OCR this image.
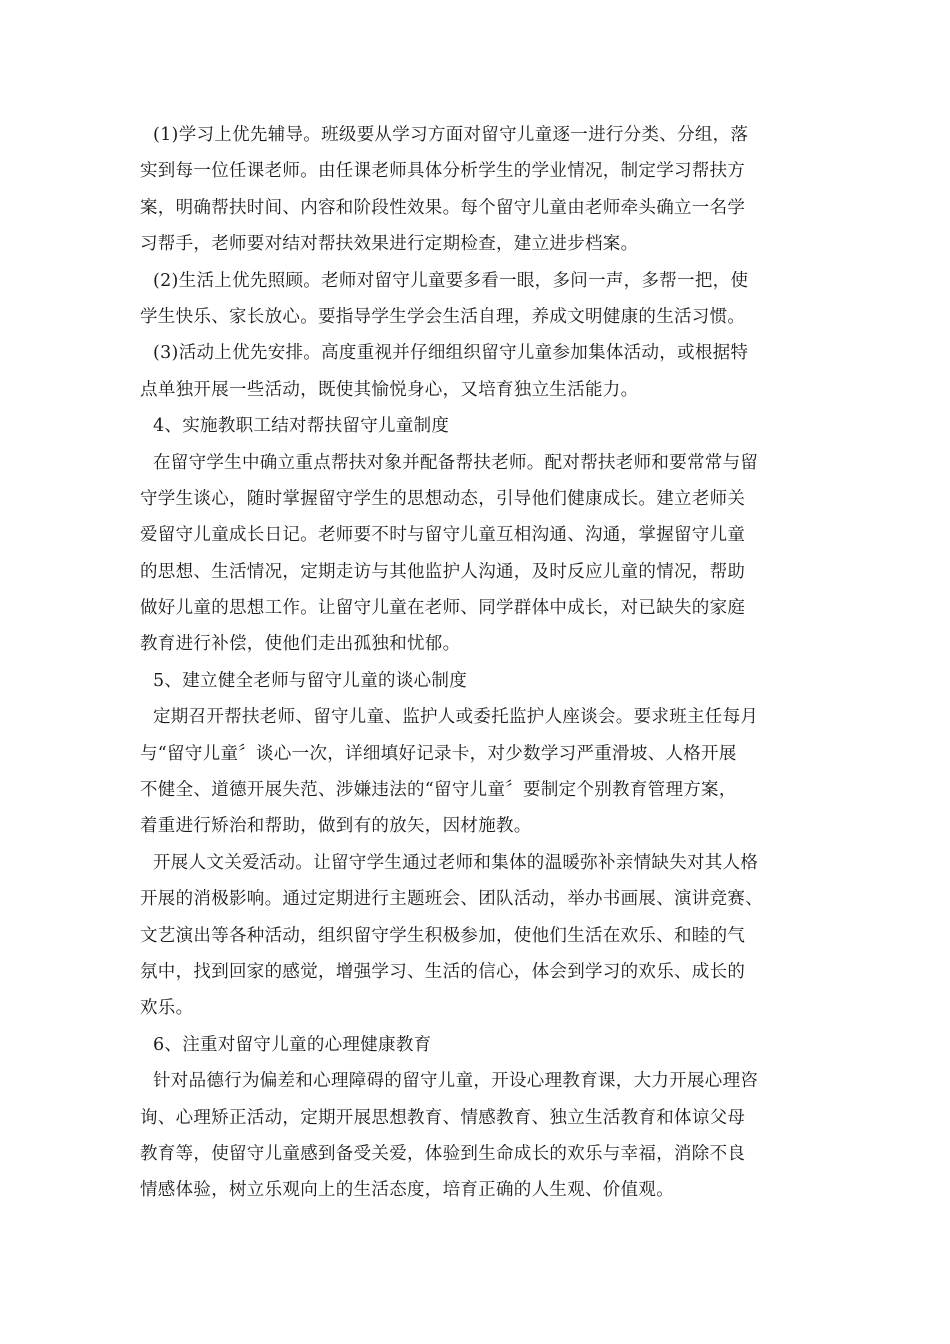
(1)学习上优先辅导。班级要从学习方面对留守儿童逐一进行分类、分组，落
实到每一位任课老师。由任课老师具体分析学生的学业情况，制定学习帮扶方
案，明确帮扶时间、内容和阶段性效果。每个留守儿童由老师牵头确立一名学
习帮手，老师要对结对帮扶效果进行定期检查，建立进步档案。
(2)生活上优先照顾。老师对留守儿童要多看一眼，多问一声，多帮一把，使
学生快乐、家长放心。要指导学生学会生活自理，养成文明健康的生活习惯。
(3)活动上优先安排。高度重视并仔细组织留守儿童参加集体活动，或根据特
点单独开展一些活动，既使其愉悦身心，又培育独立生活能力。
4、实施教职工结对帮扶留守儿童制度
在留守学生中确立重点帮扶对象并配备帮扶老师。配对帮扶老师和要常常与留
守学生谈心，随时掌握留守学生的思想动态，引导他们健康成长。建立老师关
爱留守儿童成长日记。老师要不时与留守儿童互相沟通、沟通，掌握留守儿童
的思想、生活情况，定期走访与其他监护人沟通，及时反应儿童的情况，帮助
做好儿童的思想工作。让留守儿童在老师、同学群体中成长，对已缺失的家庭
教育进行补偿，使他们走出孤独和忧郁。
5、建立健全老师与留守儿童的谈心制度
定期召开帮扶老师、留守儿童、监护人或委托监护人座谈会。要求班主任每月
与“留守儿童〞谈心一次，详细填好记录卡，对少数学习严重滑坡、人格开展
不健全、道德开展失范、涉嫌违法的“留守儿童〞要制定个别教育管理方案，
着重进行矫治和帮助，做到有的放矢，因材施教。
开展人文关爱活动。让留守学生通过老师和集体的温暖弥补亲情缺失对其人格
开展的消极影响。通过定期进行主题班会、团队活动，举办书画展、演讲竞赛、
文艺演出等各种活动，组织留守学生积极参加，使他们生活在欢乐、和睦的气
氛中，找到回家的感觉，增强学习、生活的信心，体会到学习的欢乐、成长的
欢乐。
6、注重对留守儿童的心理健康教育
针对品德行为偏差和心理障碍的留守儿童，开设心理教育课，大力开展心理咨
询、心理矫正活动，定期开展思想教育、情感教育、独立生活教育和体谅父母
教育等，使留守儿童感到备受关爱，体验到生命成长的欢乐与幸福，消除不良
情感体验，树立乐观向上的生活态度，培育正确的人生观、价值观。
